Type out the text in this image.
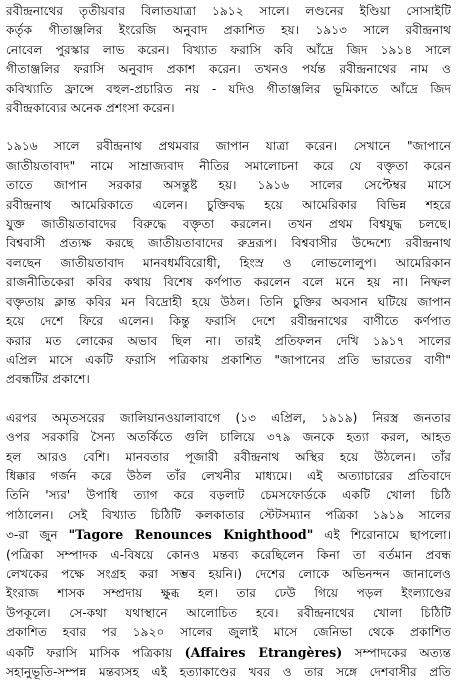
রবীন্দ্রনাথের তৃতীয়বার বিলাতযাত্রা ১৯১২ সালে। লণ্ডনের ইণ্ডিয়া সোসাইটি
কর্তৃক গীতাঞ্জলির ইংরেজি অনুবাদ প্রকাশিত হয়। ১৯১৩ সালে রবীন্দ্রনাথ
নোবেল পুরস্কার লাভ করেন। বিখ্যাত ফরাসি কবি আঁদ্রে জিদ ১৯১৪ সালে
গীতাঞ্জলির ফরাসি অনুবাদ প্রকাশ করেন। তখনও পর্যন্ত রবীন্দ্রনাথের নাম ও
কবিখ্যাতি ফ্রান্সে বহুল-প্রচারিত নয় - যদিও গীতাঞ্জলির ভূমিকাতে আঁদ্রে জিদ
রবীন্দ্রকাব্যের অনেক প্রশংসা করেন।
১৯১৬ সালে রবীন্দ্রনাথ প্রথমবার জাপান যাত্রা করেন। সেখানে "জাপানে
জাতীয়তাবাদ" নামে সাম্রাজ্যবাদ নীতির সমালোচনা করে যে বক্তৃতা করেন
তাতে জাপান সরকার অসন্তুষ্ট হয়। ১৯১৬ সালের সেপ্টেম্বর মাসে
রবীন্দ্রনাথ আমেরিকাতে এলেন। চুক্তিবদ্ধ হয়ে আমেরিকার বিভিন্ন শহরে
যুক্ত জাতীয়তাবাদের বিরুদ্ধে বক্তৃতা করলেন। তখন প্রথম বিশ্বযুদ্ধ চলছে।
বিশ্ববাসী প্রত্যক্ষ করছে জাতীয়তাবাদের রুদ্ররূপ। বিশ্ববাসীর উদ্দেশ্যে রবীন্দ্রনাথ
বলছেন জাতীয়তাবাদ মানবধর্মবিরোধী, হিংস্র ও লোভলোলুপ। আমেরিকান
রাজনীতিকেরা কবির কথায় বিশেষ কর্ণপাত করলেন বলে মনে হয় না। নিষ্ফল
বক্তৃতায় ক্লান্ত কবির মন বিদ্রোহী হয়ে উঠল। তিনি চুক্তির অবসান ঘটিয়ে জাপান
হয়ে দেশে ফিরে এলেন। কিন্তু ফরাসি দেশে রবীন্দ্রনাথের বাণীতে কর্ণপাত
করার মত লোকের অভাব ছিল না। তারই প্রতিফলন দেখি ১৯১৭ সালের
এপ্রিল মাসে একটি ফরাসি পত্রিকায় প্রকাশিত "জাপানের প্রতি ভারতের বাণী"
প্রবন্ধটির প্রকাশে।
এরপর অমৃতসরের জালিয়ানওয়ালাবাগে (১৩ এপ্রিল, ১৯১৯) নিরস্ত্র জনতার
ওপর সরকারি সৈন্য অতর্কিতে গুলি চালিয়ে ৩৭৯ জনকে হত্যা করল, আহত
হল আরও বেশি। মানবতার পূজারী রবীন্দ্রনাথ অস্থির হয়ে উঠলেন। তাঁর
ধিক্কার গর্জন করে উঠল তাঁর লেখনীর মাধ্যমে। এই অত্যাচারের প্রতিবাদে
তিনি 'স্যর' উপাধি ত্যাগ করে বড়লাট চেমসফোর্ডকে একটি খোলা চিঠি
পাঠালেন। সেই বিখ্যাত চিঠিটি কলকাতার স্টেটসম্যান পত্রিকা ১৯১৯ সালের
৩-রা জুন "Tagore Renounces Knighthood" এই শিরোনামে ছাপলো।
(পত্রিকা সম্পাদক এ-বিষয়ে কোনও মন্তব্য করেছিলেন কিনা তা বর্তমান প্রবন্ধ
লেখকের পক্ষে সংগ্রহ করা সম্ভব হয়নি।) দেশের লোকে অভিনন্দন জানালেও
ইংরাজ শাসক সম্প্রদায় ক্ষুব্ধ হল। তার ঢেউ গিয়ে পড়ল ইংল্যাণ্ডের
উপকূলে। সে-কথা যথাস্থানে আলোচিত হবে। রবীন্দ্রনাথের খোলা চিঠিটি
প্রকাশিত হবার পর ১৯২০ সালের জুলাই মাসে জেনিভা থেকে প্রকাশিত
একটি ফরাসি মাসিক পত্রিকায় (Affaires Etrangères) সম্পাদকের অত্যন্ত
সহানুভূতি-সম্পন্ন মন্তব্যসহ এই হত্যাকাণ্ডের খবর ও তার সঙ্গে দেশবাসীর প্রতি
